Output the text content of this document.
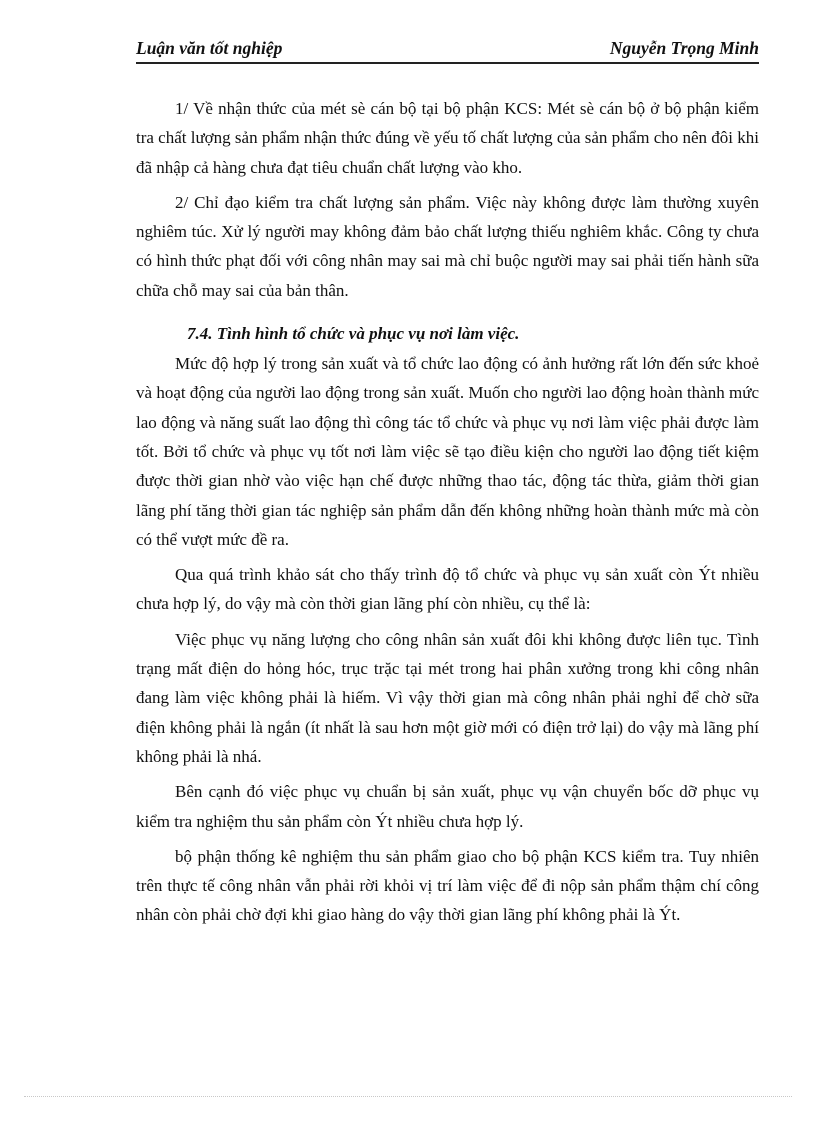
Luận văn tốt nghiệp	Nguyễn Trọng Minh

1/ Về nhận thức của mét sè cán bộ tại bộ phận KCS: Mét sè cán bộ ở bộ phận kiểm tra chất lượng sản phẩm nhận thức đúng về yếu tố chất lượng của sản phẩm cho nên đôi khi đã nhập cả hàng chưa đạt tiêu chuẩn chất lượng vào kho.

2/ Chỉ đạo kiểm tra chất lượng sản phẩm. Việc này không được làm thường xuyên nghiêm túc. Xử lý người may không đảm bảo chất lượng thiếu nghiêm khắc. Công ty chưa có hình thức phạt đối với công nhân may sai mà chỉ buộc người may sai phải tiến hành sữa chữa chỗ may sai của bản thân.

7.4. Tình hình tổ chức và phục vụ nơi làm việc.

Mức độ hợp lý trong sản xuất và tổ chức lao động có ảnh hưởng rất lớn đến sức khoẻ và hoạt động của người lao động trong sản xuất. Muốn cho người lao động hoàn thành mức lao động và năng suất lao động thì công tác tổ chức và phục vụ nơi làm việc phải được làm tốt. Bởi tổ chức và phục vụ tốt nơi làm việc sẽ tạo điều kiện cho người lao động tiết kiệm được thời gian nhờ vào việc hạn chế được những thao tác, động tác thừa, giảm thời gian lãng phí tăng thời gian tác nghiệp sản phẩm dẫn đến không những hoàn thành mức mà còn có thể vượt mức đề ra.

Qua quá trình khảo sát cho thấy trình độ tổ chức và phục vụ sản xuất còn Ýt nhiều chưa hợp lý, do vậy mà còn thời gian lãng phí còn nhiều, cụ thể là:

Việc phục vụ năng lượng cho công nhân sản xuất đôi khi không được liên tục. Tình trạng mất điện do hỏng hóc, trục trặc tại mét trong hai phân xưởng trong khi công nhân đang làm việc không phải là hiếm. Vì vậy thời gian mà công nhân phải nghỉ để chờ sữa điện không phải là ngắn (ít nhất là sau hơn một giờ mới có điện trở lại) do vậy mà lãng phí không phải là nhá.

Bên cạnh đó việc phục vụ chuẩn bị sản xuất, phục vụ vận chuyển bốc dỡ phục vụ kiểm tra nghiệm thu sản phẩm còn Ýt nhiều chưa hợp lý.

bộ phận thống kê nghiệm thu sản phẩm giao cho bộ phận KCS kiểm tra. Tuy nhiên trên thực tế công nhân vẫn phải rời khỏi vị trí làm việc để đi nộp sản phẩm thậm chí công nhân còn phải chờ đợi khi giao hàng do vậy thời gian lãng phí không phải là Ýt.
